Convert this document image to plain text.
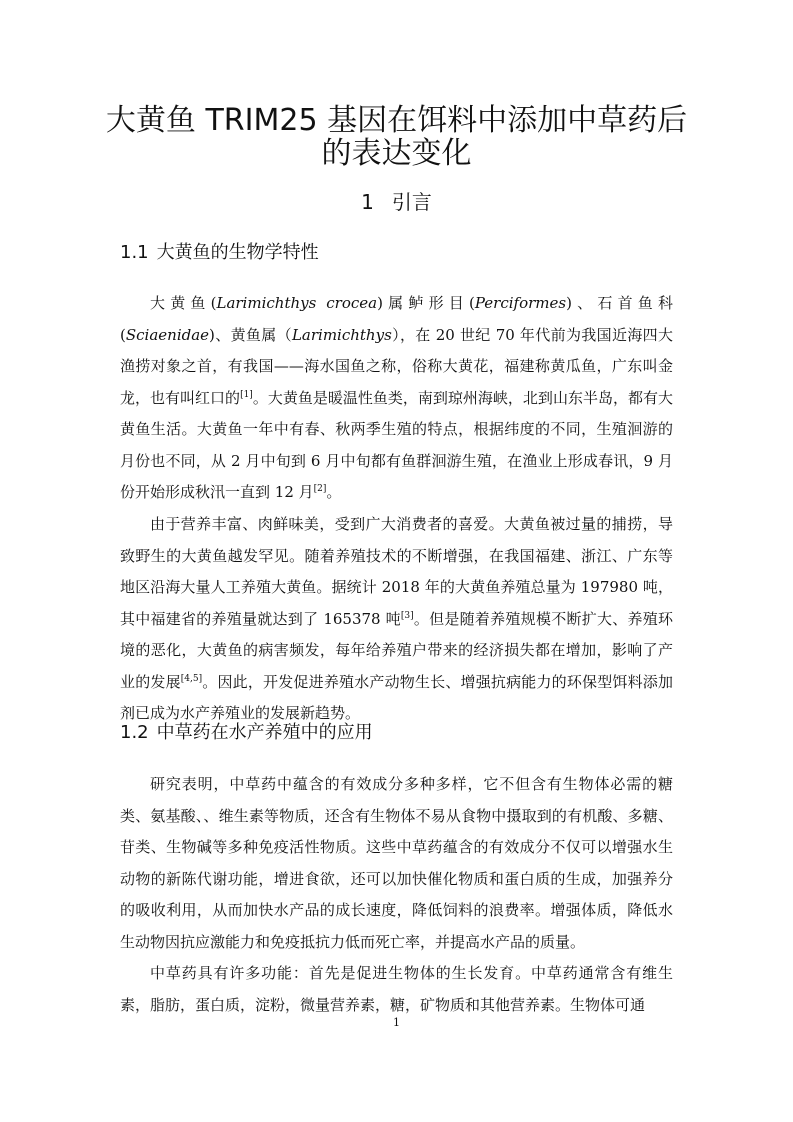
大黄鱼 TRIM25 基因在饵料中添加中草药后
的表达变化
1 引言
1.1 大黄鱼的生物学特性

大黄鱼(Larimichthys crocea)属鲈形目(Perciformes)、石首鱼科(Sciaenidae)、黄鱼属（Larimichthys），在 20 世纪 70 年代前为我国近海四大渔捞对象之首，有我国——海水国鱼之称，俗称大黄花，福建称黄瓜鱼，广东叫金龙，也有叫红口的[1]。大黄鱼是暖温性鱼类，南到琼州海峡，北到山东半岛，都有大黄鱼生活。大黄鱼一年中有春、秋两季生殖的特点，根据纬度的不同，生殖洄游的月份也不同，从 2 月中旬到 6 月中旬都有鱼群洄游生殖，在渔业上形成春讯，9 月份开始形成秋汛一直到 12 月[2]。

由于营养丰富、肉鲜味美，受到广大消费者的喜爱。大黄鱼被过量的捕捞，导致野生的大黄鱼越发罕见。随着养殖技术的不断增强，在我国福建、浙江、广东等地区沿海大量人工养殖大黄鱼。据统计 2018 年的大黄鱼养殖总量为 197980 吨，其中福建省的养殖量就达到了 165378 吨[3]。但是随着养殖规模不断扩大、养殖环境的恶化，大黄鱼的病害频发，每年给养殖户带来的经济损失都在增加，影响了产业的发展[4,5]。因此，开发促进养殖水产动物生长、增强抗病能力的环保型饵料添加剂已成为水产养殖业的发展新趋势。

1.2 中草药在水产养殖中的应用

研究表明，中草药中蕴含的有效成分多种多样，它不但含有生物体必需的糖类、氨基酸、、维生素等物质，还含有生物体不易从食物中摄取到的有机酸、多糖、苷类、生物碱等多种免疫活性物质。这些中草药蕴含的有效成分不仅可以增强水生动物的新陈代谢功能，增进食欲，还可以加快催化物质和蛋白质的生成，加强养分的吸收利用，从而加快水产品的成长速度，降低饲料的浪费率。增强体质，降低水生动物因抗应激能力和免疫抵抗力低而死亡率，并提高水产品的质量。

中草药具有许多功能：首先是促进生物体的生长发育。中草药通常含有维生素，脂肪，蛋白质，淀粉，微量营养素，糖，矿物质和其他营养素。生物体可通

1
